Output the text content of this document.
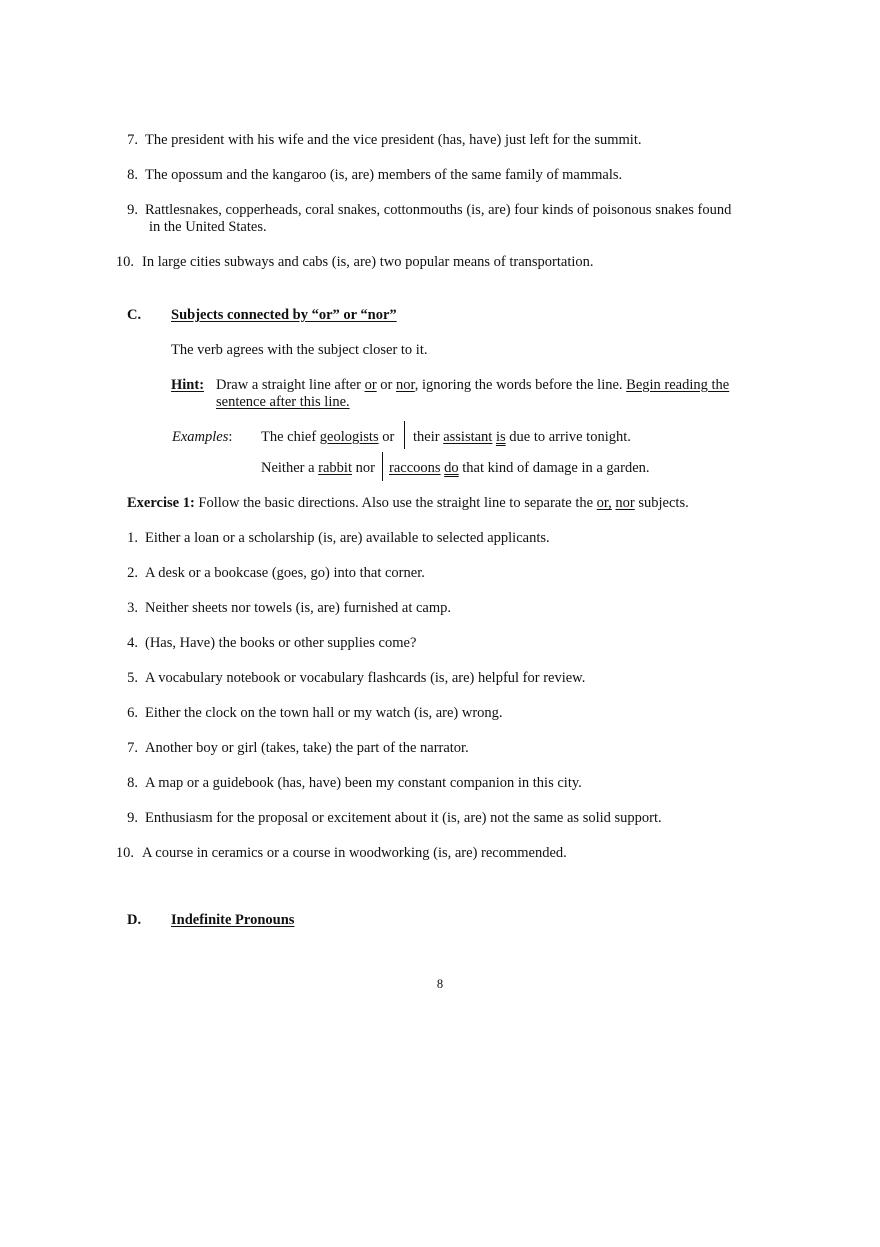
7. The president with his wife and the vice president (has, have) just left for the summit.
8. The opossum and the kangaroo (is, are) members of the same family of mammals.
9. Rattlesnakes, copperheads, coral snakes, cottonmouths (is, are) four kinds of poisonous snakes found
in the United States.
10. In large cities subways and cabs (is, are) two popular means of transportation.
C. Subjects connected by “or” or “nor”
The verb agrees with the subject closer to it.
Hint: Draw a straight line after or or nor, ignoring the words before the line. Begin reading the
sentence after this line.
Examples: The chief geologists or their assistant is due to arrive tonight.
Neither a rabbit nor raccoons do that kind of damage in a garden.
Exercise 1: Follow the basic directions. Also use the straight line to separate the or, nor subjects.
1. Either a loan or a scholarship (is, are) available to selected applicants.
2. A desk or a bookcase (goes, go) into that corner.
3. Neither sheets nor towels (is, are) furnished at camp.
4. (Has, Have) the books or other supplies come?
5. A vocabulary notebook or vocabulary flashcards (is, are) helpful for review.
6. Either the clock on the town hall or my watch (is, are) wrong.
7. Another boy or girl (takes, take) the part of the narrator.
8. A map or a guidebook (has, have) been my constant companion in this city.
9. Enthusiasm for the proposal or excitement about it (is, are) not the same as solid support.
10. A course in ceramics or a course in woodworking (is, are) recommended.
D. Indefinite Pronouns
8
